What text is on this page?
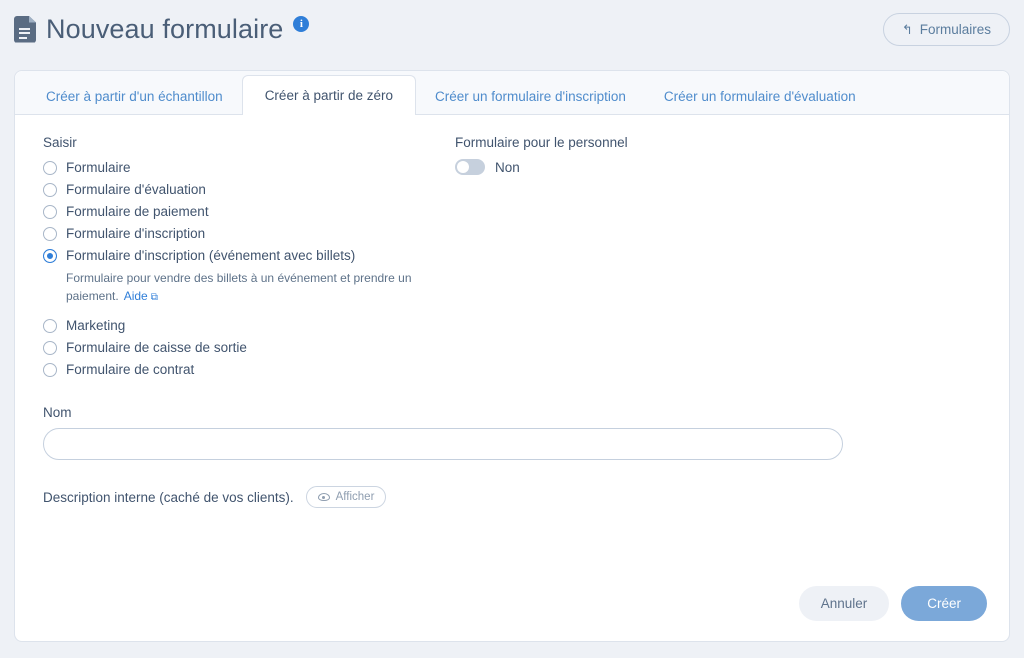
Nouveau formulaire	i	↰ Formulaires
Créer à partir d'un échantillon	Créer à partir de zéro	Créer un formulaire d'inscription	Créer un formulaire d'évaluation
Saisir
Formulaire
Formulaire d'évaluation
Formulaire de paiement
Formulaire d'inscription
Formulaire d'inscription (événement avec billets)
Formulaire pour vendre des billets à un événement et prendre un paiement. Aide ⧉
Marketing
Formulaire de caisse de sortie
Formulaire de contrat
Formulaire pour le personnel
Non
Nom
Description interne (caché de vos clients).	Afficher
Annuler	Créer
